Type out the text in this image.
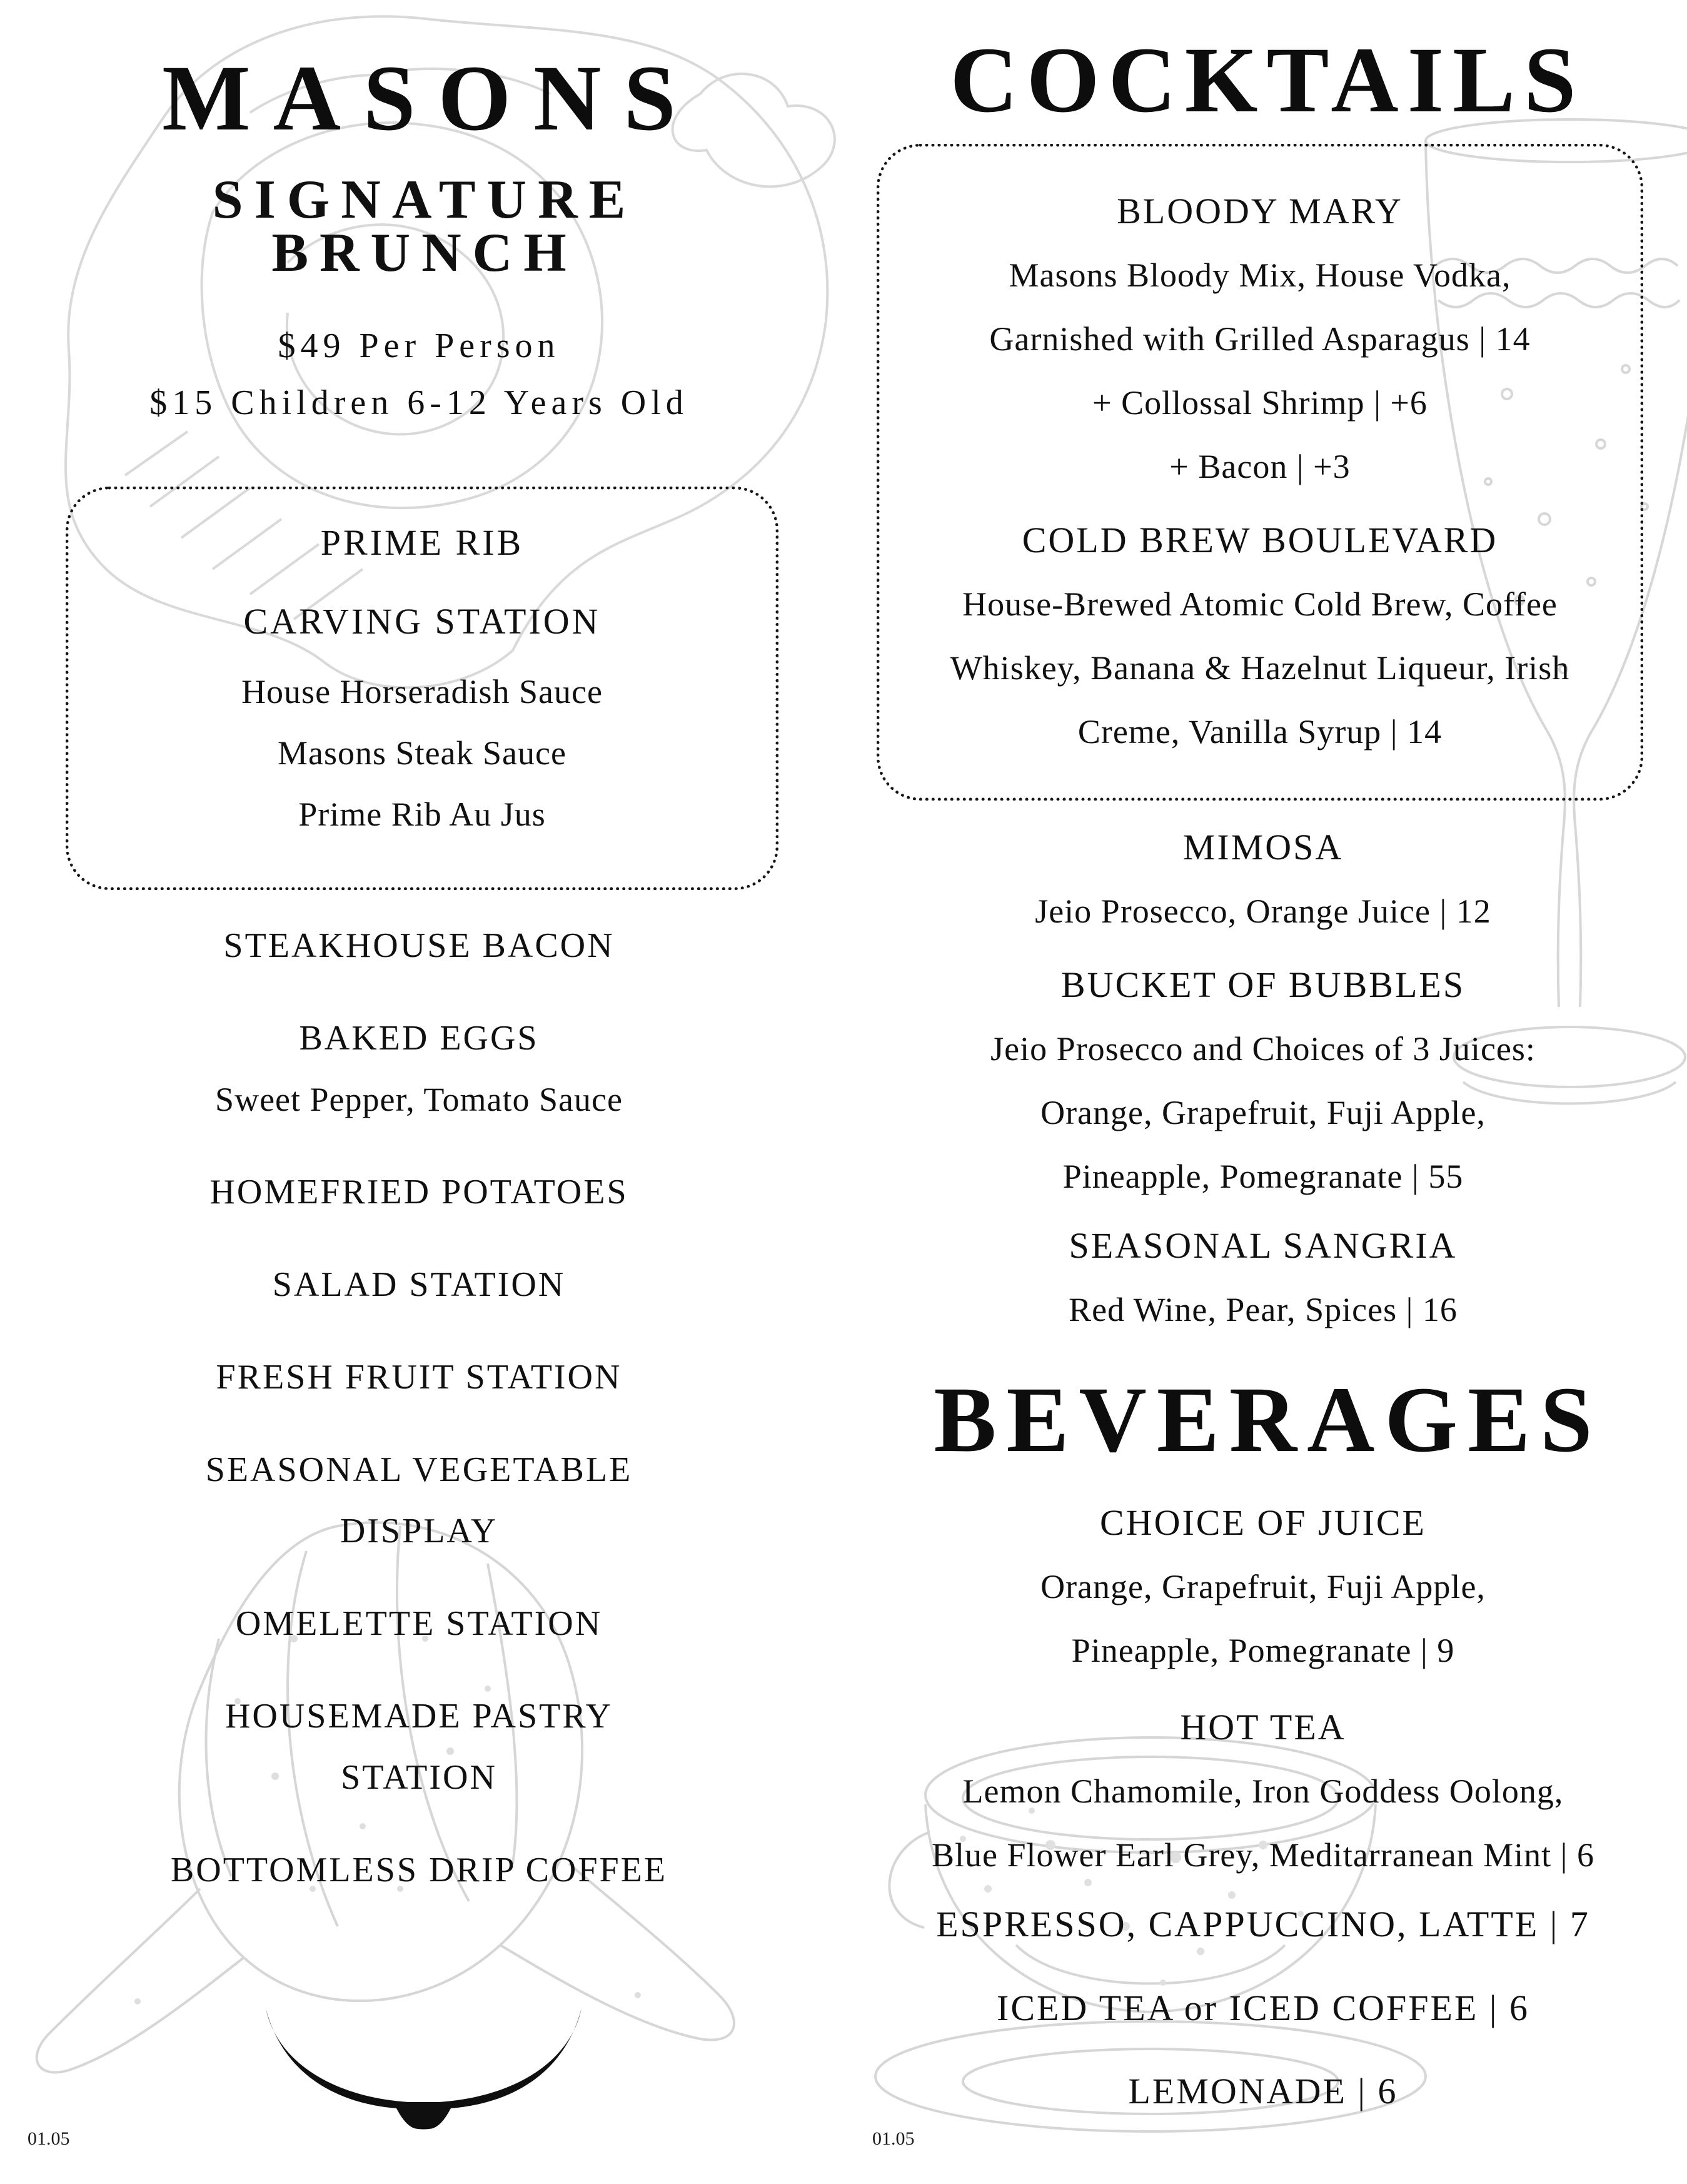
MASONS
SIGNATURE
BRUNCH
$49 Per Person
$15 Children 6-12 Years Old
PRIME RIB
CARVING STATION
House Horseradish Sauce
Masons Steak Sauce
Prime Rib Au Jus
STEAKHOUSE BACON
BAKED EGGS
Sweet Pepper, Tomato Sauce
HOMEFRIED POTATOES
SALAD STATION
FRESH FRUIT STATION
SEASONAL VEGETABLE
DISPLAY
OMELETTE STATION
HOUSEMADE PASTRY
STATION
BOTTOMLESS DRIP COFFEE
COCKTAILS
BLOODY MARY
Masons Bloody Mix, House Vodka,
Garnished with Grilled Asparagus | 14
+ Collossal Shrimp | +6
+ Bacon | +3
COLD BREW BOULEVARD
House-Brewed Atomic Cold Brew, Coffee
Whiskey, Banana & Hazelnut Liqueur, Irish
Creme, Vanilla Syrup | 14
MIMOSA
Jeio Prosecco, Orange Juice | 12
BUCKET OF BUBBLES
Jeio Prosecco and Choices of 3 Juices:
Orange, Grapefruit, Fuji Apple,
Pineapple, Pomegranate | 55
SEASONAL SANGRIA
Red Wine, Pear, Spices | 16
BEVERAGES
CHOICE OF JUICE
Orange, Grapefruit, Fuji Apple,
Pineapple, Pomegranate | 9
HOT TEA
Lemon Chamomile, Iron Goddess Oolong,
Blue Flower Earl Grey, Meditarranean Mint | 6
ESPRESSO, CAPPUCCINO, LATTE | 7
ICED TEA or ICED COFFEE | 6
LEMONADE | 6
01.05	01.05
